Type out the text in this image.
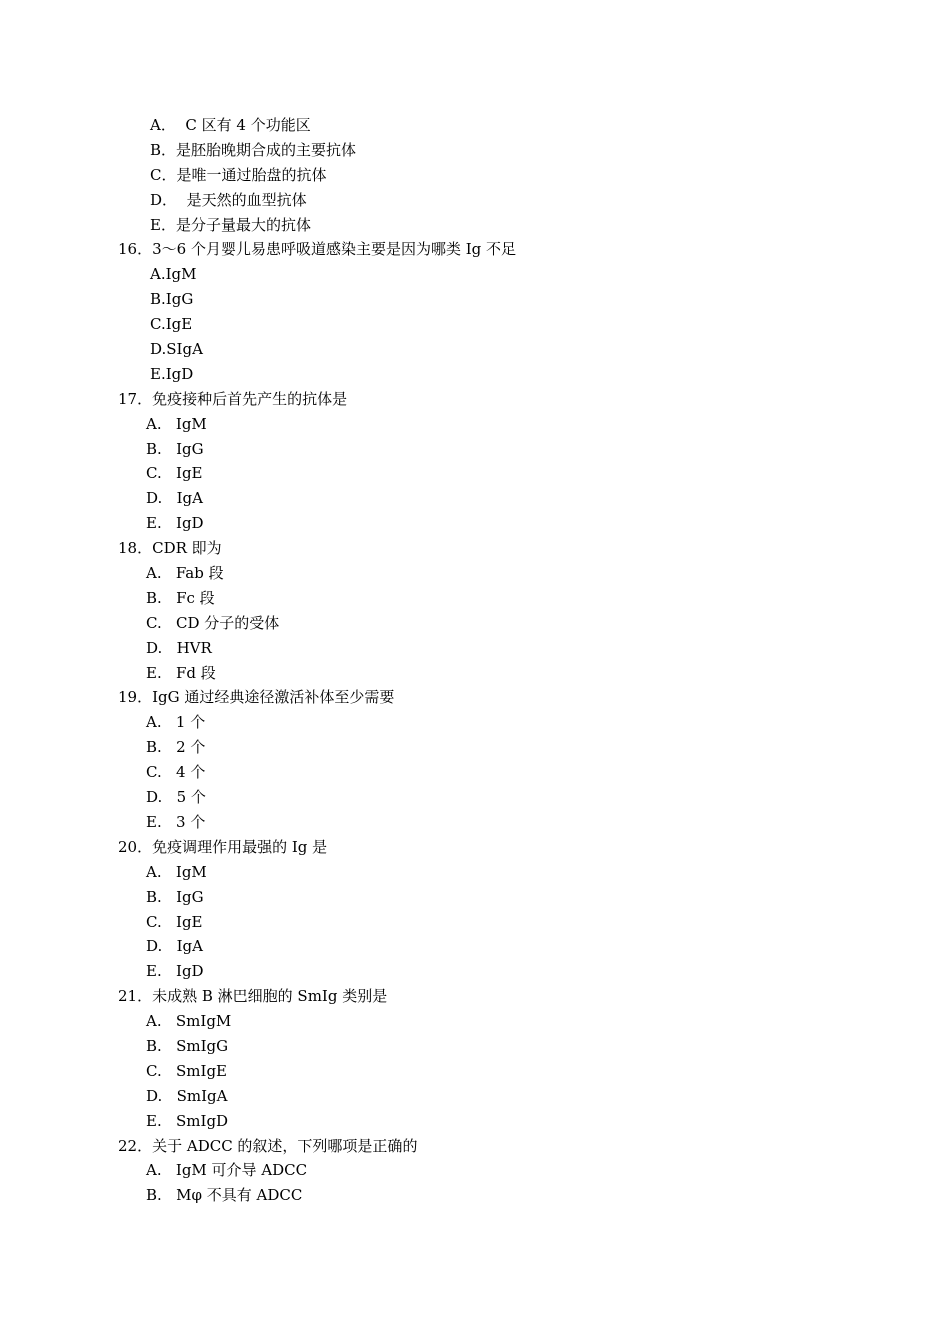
A．  C 区有 4 个功能区
B．是胚胎晚期合成的主要抗体
C．是唯一通过胎盘的抗体
D．  是天然的血型抗体
E．是分子量最大的抗体
16．3～6 个月婴儿易患呼吸道感染主要是因为哪类 Ig 不足
A.IgM
B.IgG
C.IgE
D.SIgA
E.IgD
17．免疫接种后首先产生的抗体是
A.   IgM
B.   IgG
C.   IgE
D.   IgA
E.   IgD
18．CDR 即为
A.   Fab 段
B.   Fc 段
C.   CD 分子的受体
D.   HVR
E.   Fd 段
19．IgG 通过经典途径激活补体至少需要
A.   1 个
B.   2 个
C.   4 个
D.   5 个
E.   3 个
20．免疫调理作用最强的 Ig 是
A.   IgM
B.   IgG
C.   IgE
D.   IgA
E.   IgD
21．未成熟 B 淋巴细胞的 SmIg 类别是
A.   SmIgM
B.   SmIgG
C.   SmIgE
D.   SmIgA
E.   SmIgD
22．关于 ADCC 的叙述，下列哪项是正确的
A.   IgM 可介导 ADCC
B.   Mφ 不具有 ADCC
